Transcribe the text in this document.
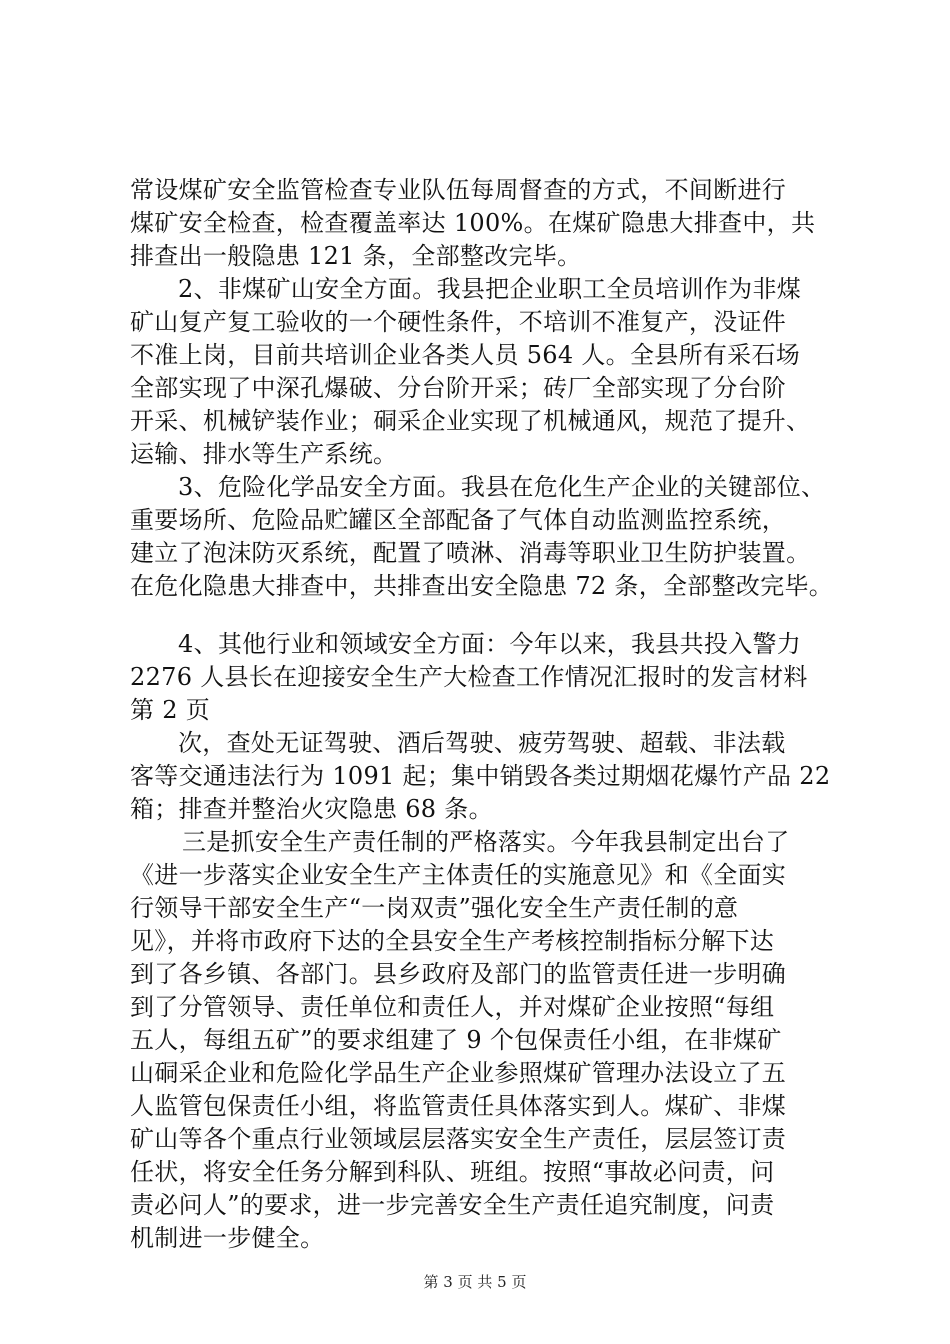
常设煤矿安全监管检查专业队伍每周督查的方式，不间断进行
煤矿安全检查，检查覆盖率达 100%。在煤矿隐患大排查中，共
排查出一般隐患 121 条，全部整改完毕。
2、非煤矿山安全方面。我县把企业职工全员培训作为非煤
矿山复产复工验收的一个硬性条件，不培训不准复产，没证件
不准上岗，目前共培训企业各类人员 564 人。全县所有采石场
全部实现了中深孔爆破、分台阶开采；砖厂全部实现了分台阶
开采、机械铲装作业；硐采企业实现了机械通风，规范了提升、
运输、排水等生产系统。
3、危险化学品安全方面。我县在危化生产企业的关键部位、
重要场所、危险品贮罐区全部配备了气体自动监测监控系统，
建立了泡沫防灭系统，配置了喷淋、消毒等职业卫生防护装置。
在危化隐患大排查中，共排查出安全隐患 72 条，全部整改完毕。
4、其他行业和领域安全方面：今年以来，我县共投入警力
2276 人县长在迎接安全生产大检查工作情况汇报时的发言材料
第 2 页
次，查处无证驾驶、酒后驾驶、疲劳驾驶、超载、非法载
客等交通违法行为 1091 起；集中销毁各类过期烟花爆竹产品 22
箱；排查并整治火灾隐患 68 条。
三是抓安全生产责任制的严格落实。今年我县制定出台了
《进一步落实企业安全生产主体责任的实施意见》和《全面实
行领导干部安全生产“一岗双责”强化安全生产责任制的意
见》，并将市政府下达的全县安全生产考核控制指标分解下达
到了各乡镇、各部门。县乡政府及部门的监管责任进一步明确
到了分管领导、责任单位和责任人，并对煤矿企业按照“每组
五人，每组五矿”的要求组建了 9 个包保责任小组，在非煤矿
山硐采企业和危险化学品生产企业参照煤矿管理办法设立了五
人监管包保责任小组，将监管责任具体落实到人。煤矿、非煤
矿山等各个重点行业领域层层落实安全生产责任，层层签订责
任状，将安全任务分解到科队、班组。按照“事故必问责，问
责必问人”的要求，进一步完善安全生产责任追究制度，问责
机制进一步健全。
第 3 页 共 5 页
